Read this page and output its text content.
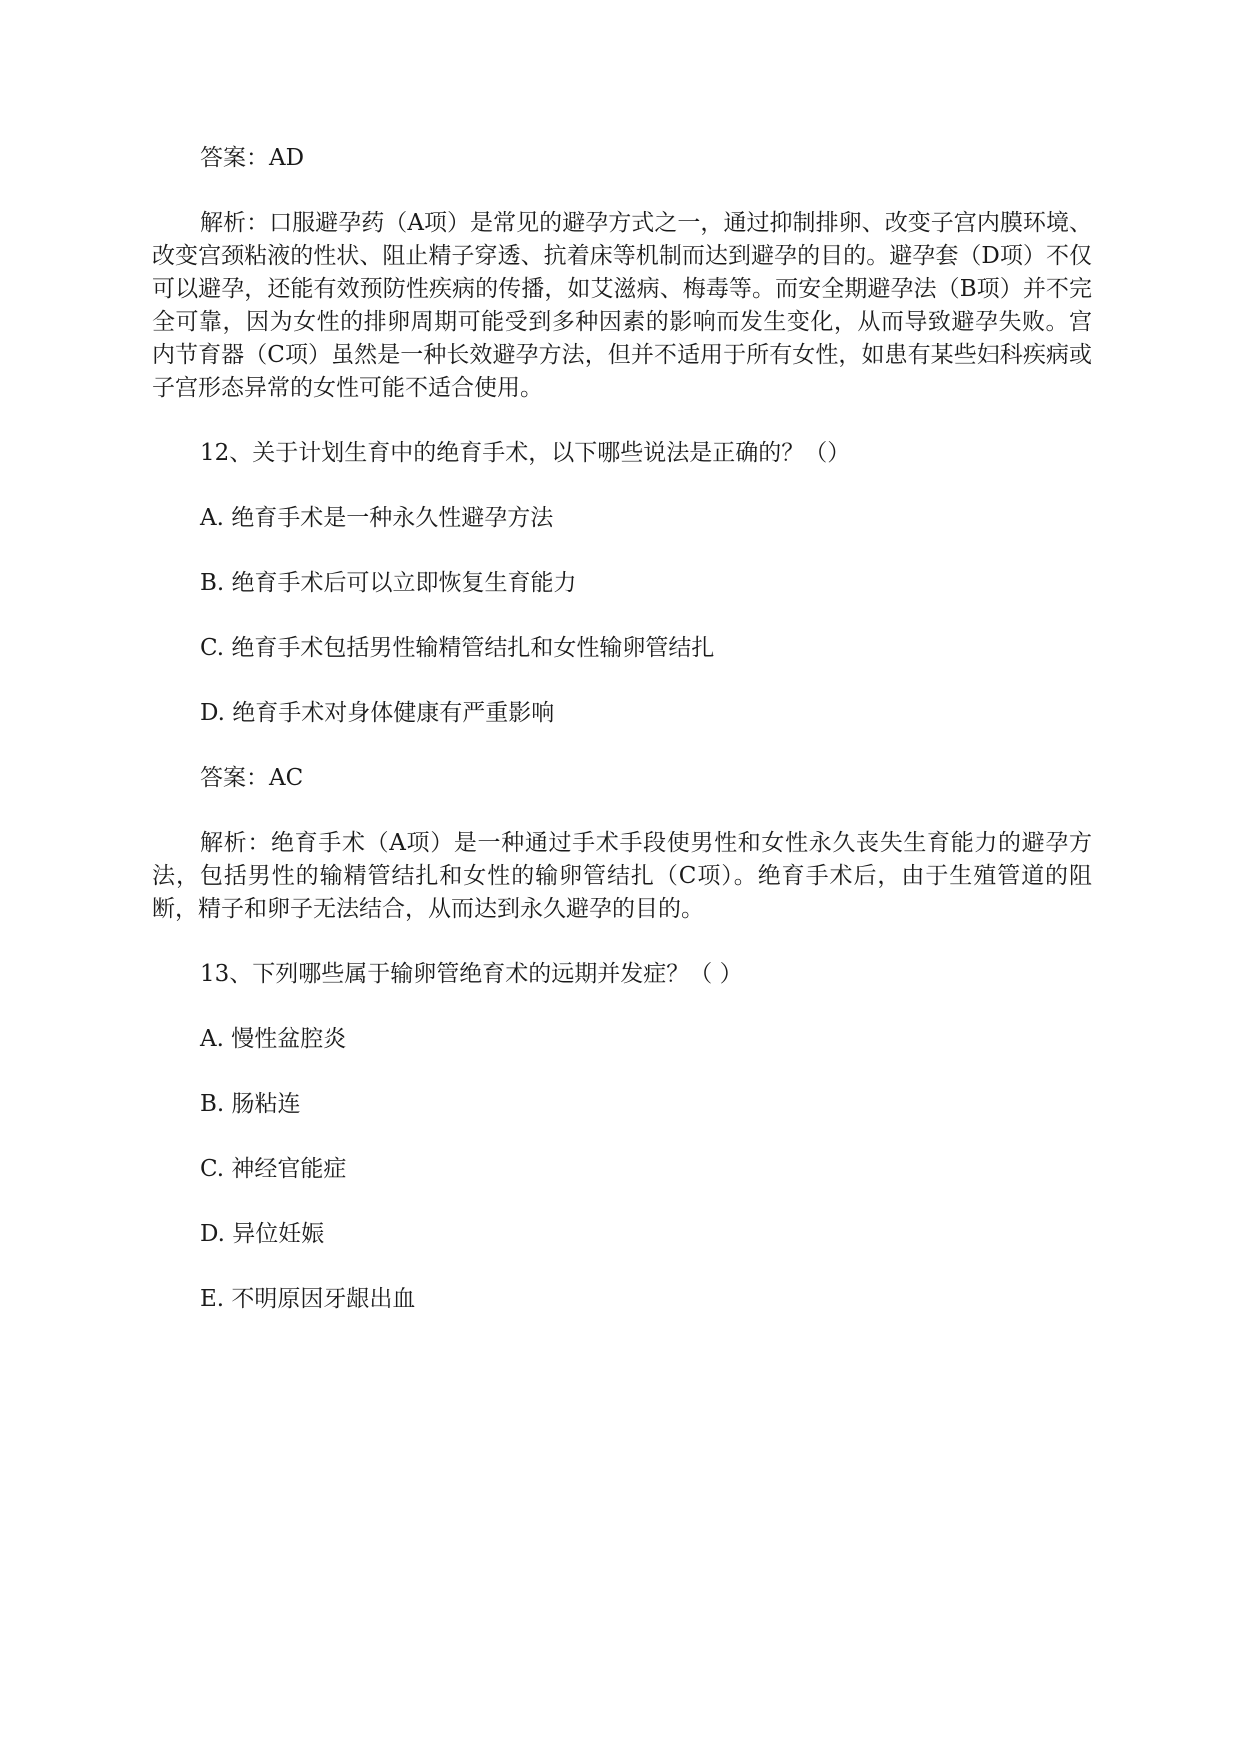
答案：AD
解析：口服避孕药（A项）是常见的避孕方式之一，通过抑制排卵、改变子宫内膜环境、改变宫颈粘液的性状、阻止精子穿透、抗着床等机制而达到避孕的目的。避孕套（D项）不仅可以避孕，还能有效预防性疾病的传播，如艾滋病、梅毒等。而安全期避孕法（B项）并不完全可靠，因为女性的排卵周期可能受到多种因素的影响而发生变化，从而导致避孕失败。宫内节育器（C项）虽然是一种长效避孕方法，但并不适用于所有女性，如患有某些妇科疾病或子宫形态异常的女性可能不适合使用。
12、关于计划生育中的绝育手术，以下哪些说法是正确的？（）
A. 绝育手术是一种永久性避孕方法
B. 绝育手术后可以立即恢复生育能力
C. 绝育手术包括男性输精管结扎和女性输卵管结扎
D. 绝育手术对身体健康有严重影响
答案：AC
解析：绝育手术（A项）是一种通过手术手段使男性和女性永久丧失生育能力的避孕方法，包括男性的输精管结扎和女性的输卵管结扎（C项）。绝育手术后，由于生殖管道的阻断，精子和卵子无法结合，从而达到永久避孕的目的。
13、下列哪些属于输卵管绝育术的远期并发症？（ ）
A. 慢性盆腔炎
B. 肠粘连
C. 神经官能症
D. 异位妊娠
E. 不明原因牙龈出血
